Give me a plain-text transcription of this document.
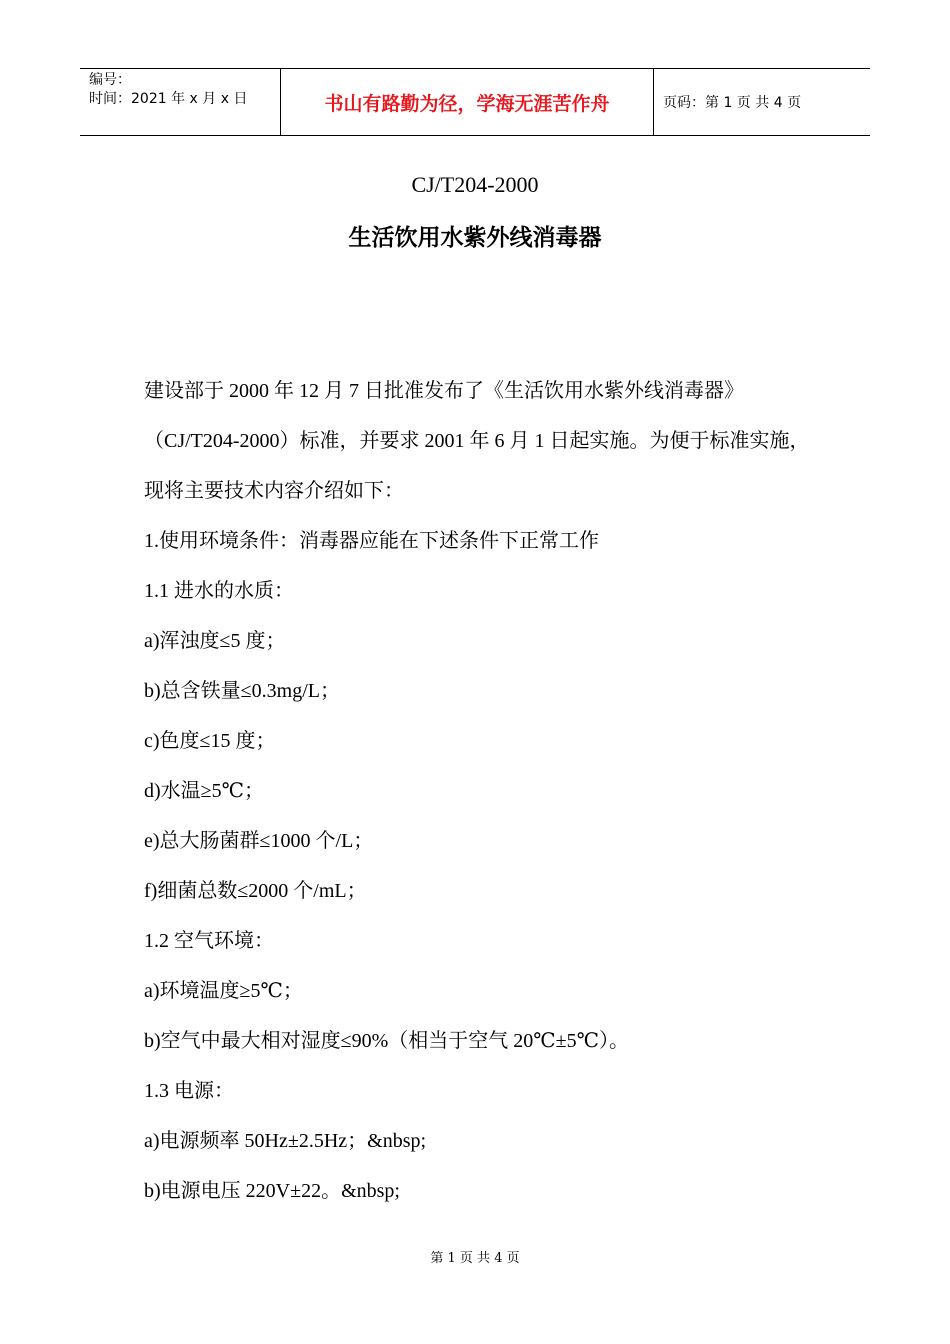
编号：
时间：2021 年 x 月 x 日	书山有路勤为径，学海无涯苦作舟	页码：第 1 页 共 4 页
CJ/T204-2000
生活饮用水紫外线消毒器

建设部于 2000 年 12 月 7 日批准发布了《生活饮用水紫外线消毒器》（CJ/T204-2000）标准，并要求 2001 年 6 月 1 日起实施。为便于标准实施，现将主要技术内容介绍如下：

1.使用环境条件：消毒器应能在下述条件下正常工作

1.1 进水的水质：

a)浑浊度≤5 度；

b)总含铁量≤0.3mg/L；

c)色度≤15 度；

d)水温≥5℃；

e)总大肠菌群≤1000 个/L；

f)细菌总数≤2000 个/mL；

1.2 空气环境：

a)环境温度≥5℃；

b)空气中最大相对湿度≤90%（相当于空气 20℃±5℃）。

1.3 电源：

a)电源频率 50Hz±2.5Hz；&nbsp;

b)电源电压 220V±22。&nbsp;

第 1 页 共 4 页
